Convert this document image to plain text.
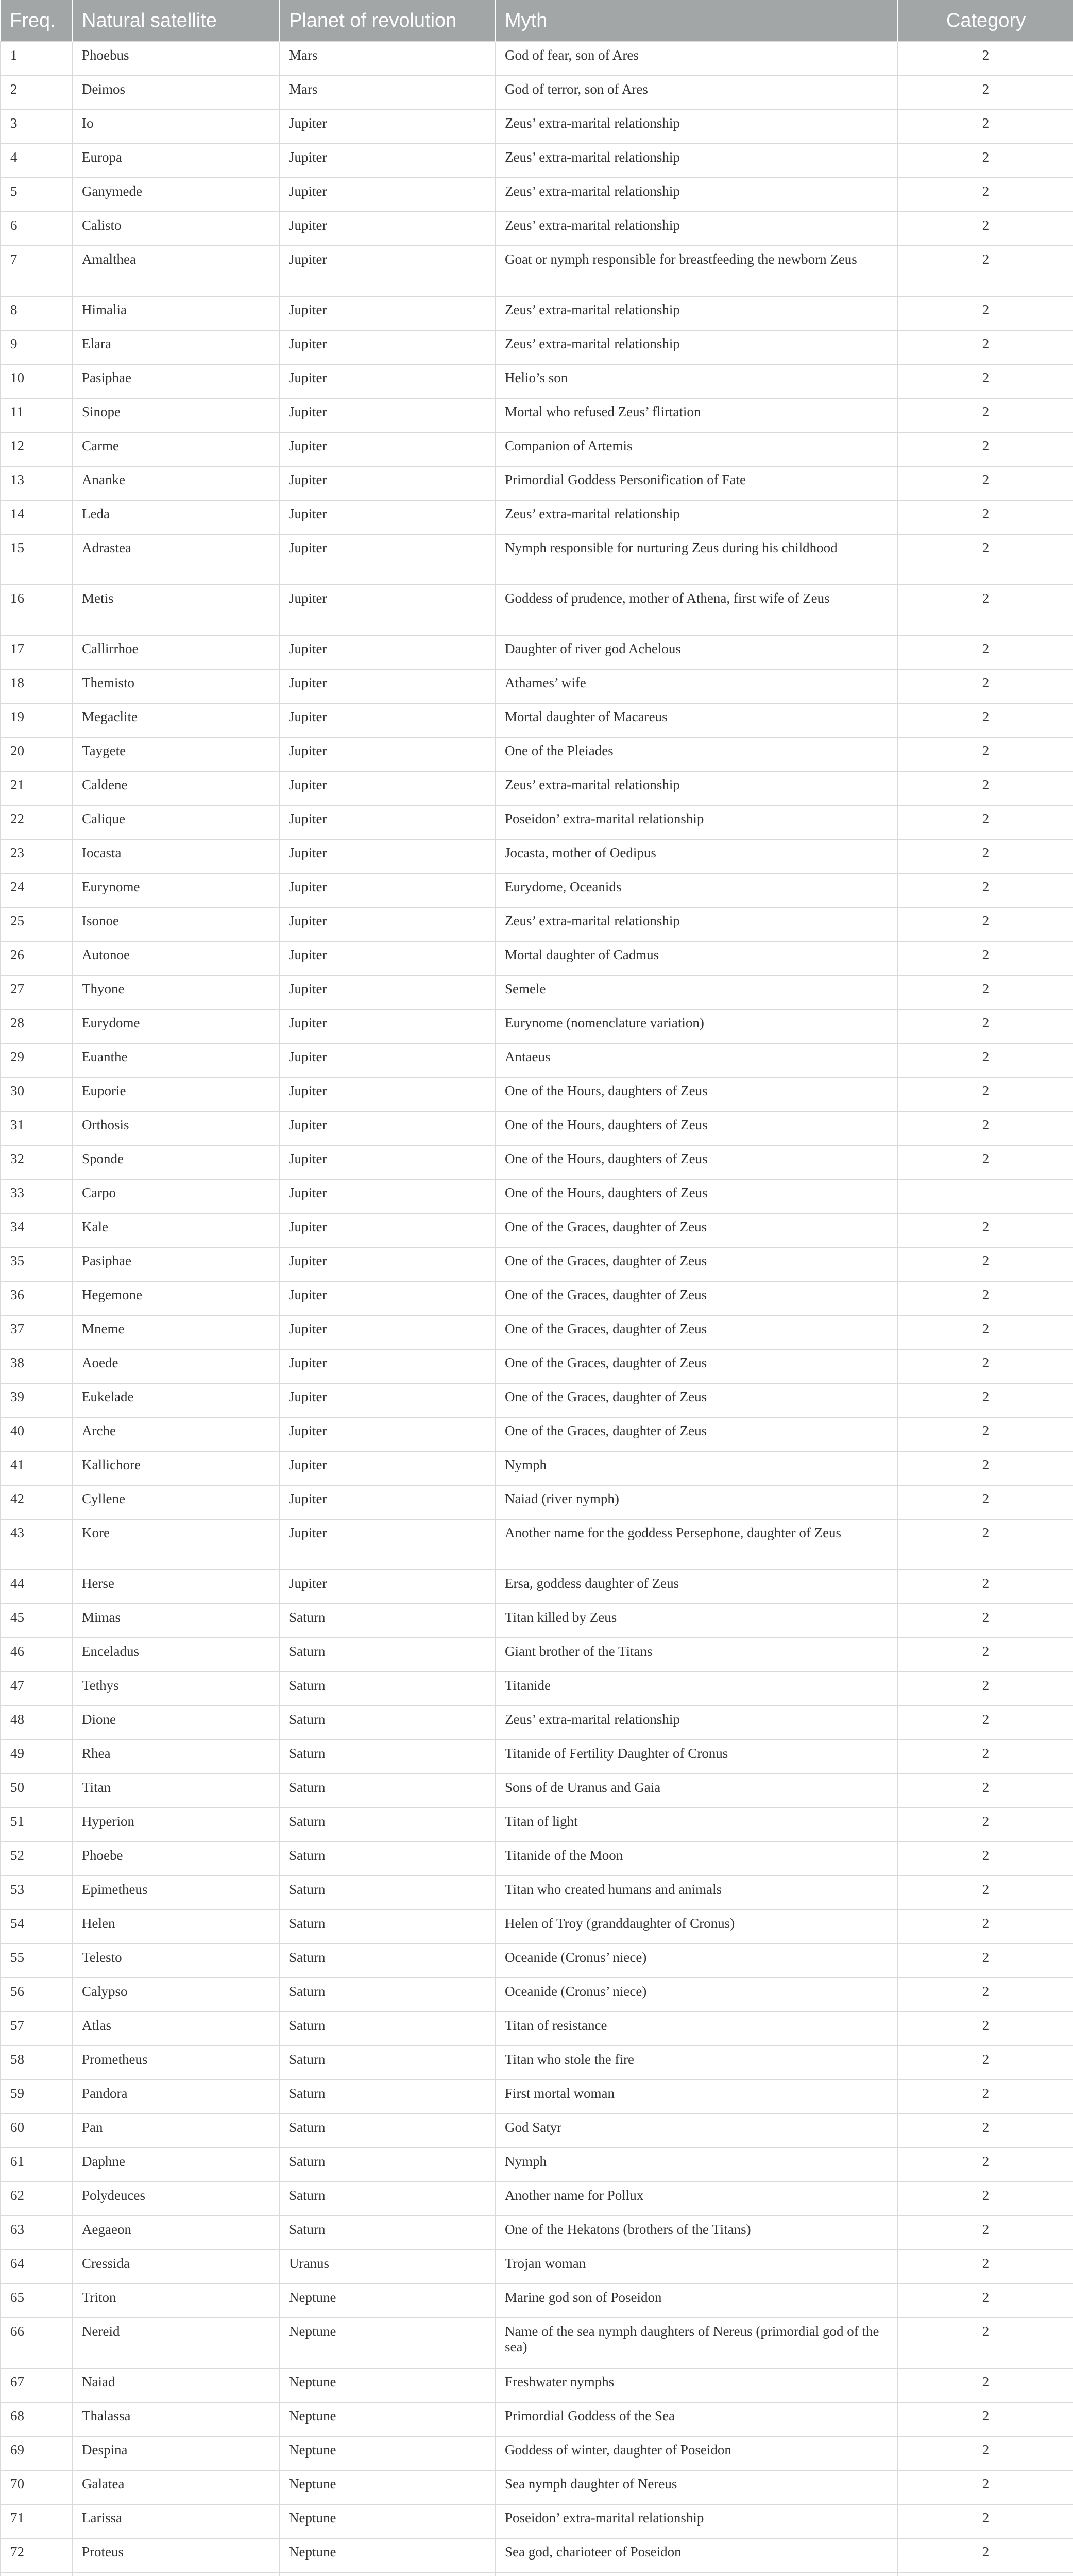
Freq.	Natural satellite	Planet of revolution	Myth	Category
1	Phoebus	Mars	God of fear, son of Ares	2
2	Deimos	Mars	God of terror, son of Ares	2
3	Io	Jupiter	Zeus’ extra-marital relationship	2
4	Europa	Jupiter	Zeus’ extra-marital relationship	2
5	Ganymede	Jupiter	Zeus’ extra-marital relationship	2
6	Calisto	Jupiter	Zeus’ extra-marital relationship	2
7	Amalthea	Jupiter	Goat or nymph responsible for breastfeeding the newborn Zeus	2
8	Himalia	Jupiter	Zeus’ extra-marital relationship	2
9	Elara	Jupiter	Zeus’ extra-marital relationship	2
10	Pasiphae	Jupiter	Helio’s son	2
11	Sinope	Jupiter	Mortal who refused Zeus’ flirtation	2
12	Carme	Jupiter	Companion of Artemis	2
13	Ananke	Jupiter	Primordial Goddess Personification of Fate	2
14	Leda	Jupiter	Zeus’ extra-marital relationship	2
15	Adrastea	Jupiter	Nymph responsible for nurturing Zeus during his childhood	2
16	Metis	Jupiter	Goddess of prudence, mother of Athena, first wife of Zeus	2
17	Callirrhoe	Jupiter	Daughter of river god Achelous	2
18	Themisto	Jupiter	Athames’ wife	2
19	Megaclite	Jupiter	Mortal daughter of Macareus	2
20	Taygete	Jupiter	One of the Pleiades	2
21	Caldene	Jupiter	Zeus’ extra-marital relationship	2
22	Calique	Jupiter	Poseidon’ extra-marital relationship	2
23	Iocasta	Jupiter	Jocasta, mother of Oedipus	2
24	Eurynome	Jupiter	Eurydome, Oceanids	2
25	Isonoe	Jupiter	Zeus’ extra-marital relationship	2
26	Autonoe	Jupiter	Mortal daughter of Cadmus	2
27	Thyone	Jupiter	Semele	2
28	Eurydome	Jupiter	Eurynome (nomenclature variation)	2
29	Euanthe	Jupiter	Antaeus	2
30	Euporie	Jupiter	One of the Hours, daughters of Zeus	2
31	Orthosis	Jupiter	One of the Hours, daughters of Zeus	2
32	Sponde	Jupiter	One of the Hours, daughters of Zeus	2
33	Carpo	Jupiter	One of the Hours, daughters of Zeus	
34	Kale	Jupiter	One of the Graces, daughter of Zeus	2
35	Pasiphae	Jupiter	One of the Graces, daughter of Zeus	2
36	Hegemone	Jupiter	One of the Graces, daughter of Zeus	2
37	Mneme	Jupiter	One of the Graces, daughter of Zeus	2
38	Aoede	Jupiter	One of the Graces, daughter of Zeus	2
39	Eukelade	Jupiter	One of the Graces, daughter of Zeus	2
40	Arche	Jupiter	One of the Graces, daughter of Zeus	2
41	Kallichore	Jupiter	Nymph	2
42	Cyllene	Jupiter	Naiad (river nymph)	2
43	Kore	Jupiter	Another name for the goddess Persephone, daughter of Zeus	2
44	Herse	Jupiter	Ersa, goddess daughter of Zeus	2
45	Mimas	Saturn	Titan killed by Zeus	2
46	Enceladus	Saturn	Giant brother of the Titans	2
47	Tethys	Saturn	Titanide	2
48	Dione	Saturn	Zeus’ extra-marital relationship	2
49	Rhea	Saturn	Titanide of Fertility Daughter of Cronus	2
50	Titan	Saturn	Sons of de Uranus and Gaia	2
51	Hyperion	Saturn	Titan of light	2
52	Phoebe	Saturn	Titanide of the Moon	2
53	Epimetheus	Saturn	Titan who created humans and animals	2
54	Helen	Saturn	Helen of Troy (granddaughter of Cronus)	2
55	Telesto	Saturn	Oceanide (Cronus’ niece)	2
56	Calypso	Saturn	Oceanide (Cronus’ niece)	2
57	Atlas	Saturn	Titan of resistance	2
58	Prometheus	Saturn	Titan who stole the fire	2
59	Pandora	Saturn	First mortal woman	2
60	Pan	Saturn	God Satyr	2
61	Daphne	Saturn	Nymph	2
62	Polydeuces	Saturn	Another name for Pollux	2
63	Aegaeon	Saturn	One of the Hekatons (brothers of the Titans)	2
64	Cressida	Uranus	Trojan woman	2
65	Triton	Neptune	Marine god son of Poseidon	2
66	Nereid	Neptune	Name of the sea nymph daughters of Nereus (primordial god of the sea)	2
67	Naiad	Neptune	Freshwater nymphs	2
68	Thalassa	Neptune	Primordial Goddess of the Sea	2
69	Despina	Neptune	Goddess of winter, daughter of Poseidon	2
70	Galatea	Neptune	Sea nymph daughter of Nereus	2
71	Larissa	Neptune	Poseidon’ extra-marital relationship	2
72	Proteus	Neptune	Sea god, charioteer of Poseidon	2
